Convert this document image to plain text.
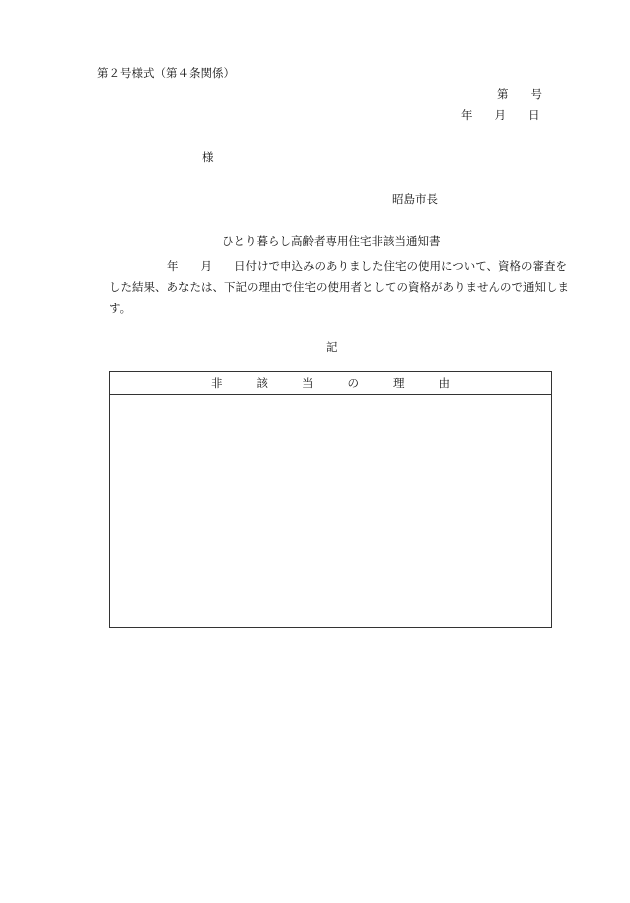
第２号様式（第４条関係）
第 号
年 月 日
様
昭島市長
ひとり暮らし高齢者専用住宅非該当通知書
年 月 日付けで申込みのありました住宅の使用について、資格の審査をした結果、あなたは、下記の理由で住宅の使用者としての資格がありませんので通知します。
記
非該当の理由
